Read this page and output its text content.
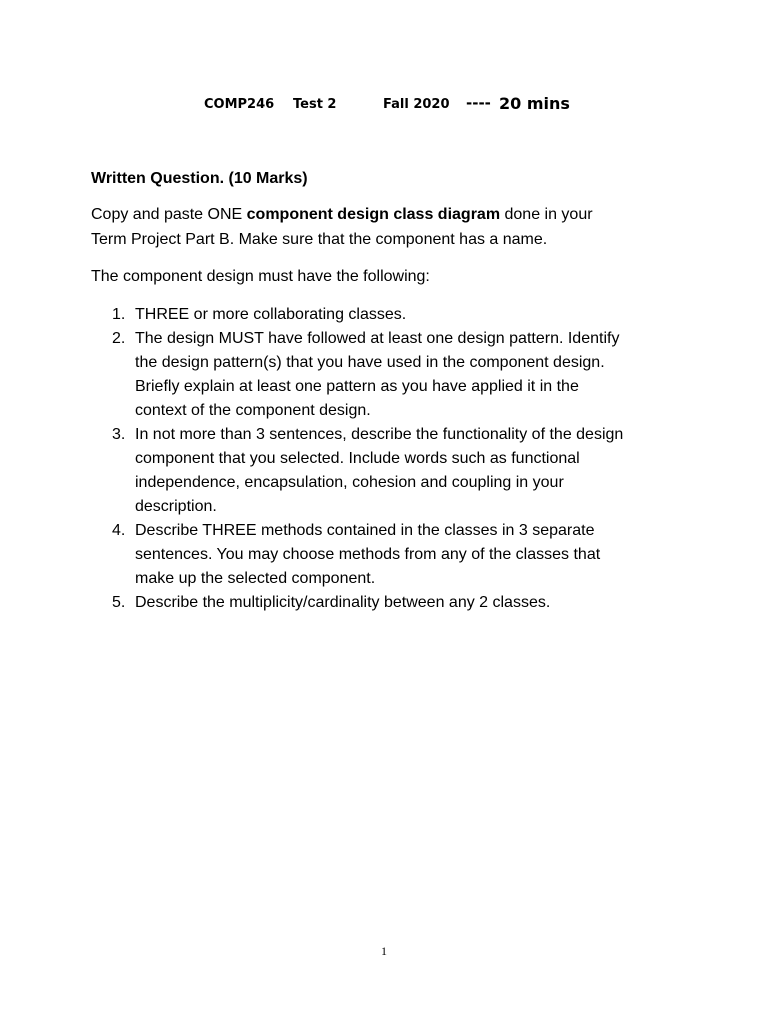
COMP246 Test 2	Fall 2020 ---- 20 mins
Written Question. (10 Marks)
Copy and paste ONE component design class diagram done in your
Term Project Part B. Make sure that the component has a name.
The component design must have the following:
1. THREE or more collaborating classes.
2. The design MUST have followed at least one design pattern. Identify
the design pattern(s) that you have used in the component design.
Briefly explain at least one pattern as you have applied it in the
context of the component design.
3. In not more than 3 sentences, describe the functionality of the design
component that you selected. Include words such as functional
independence, encapsulation, cohesion and coupling in your
description.
4. Describe THREE methods contained in the classes in 3 separate
sentences. You may choose methods from any of the classes that
make up the selected component.
5. Describe the multiplicity/cardinality between any 2 classes.
1
